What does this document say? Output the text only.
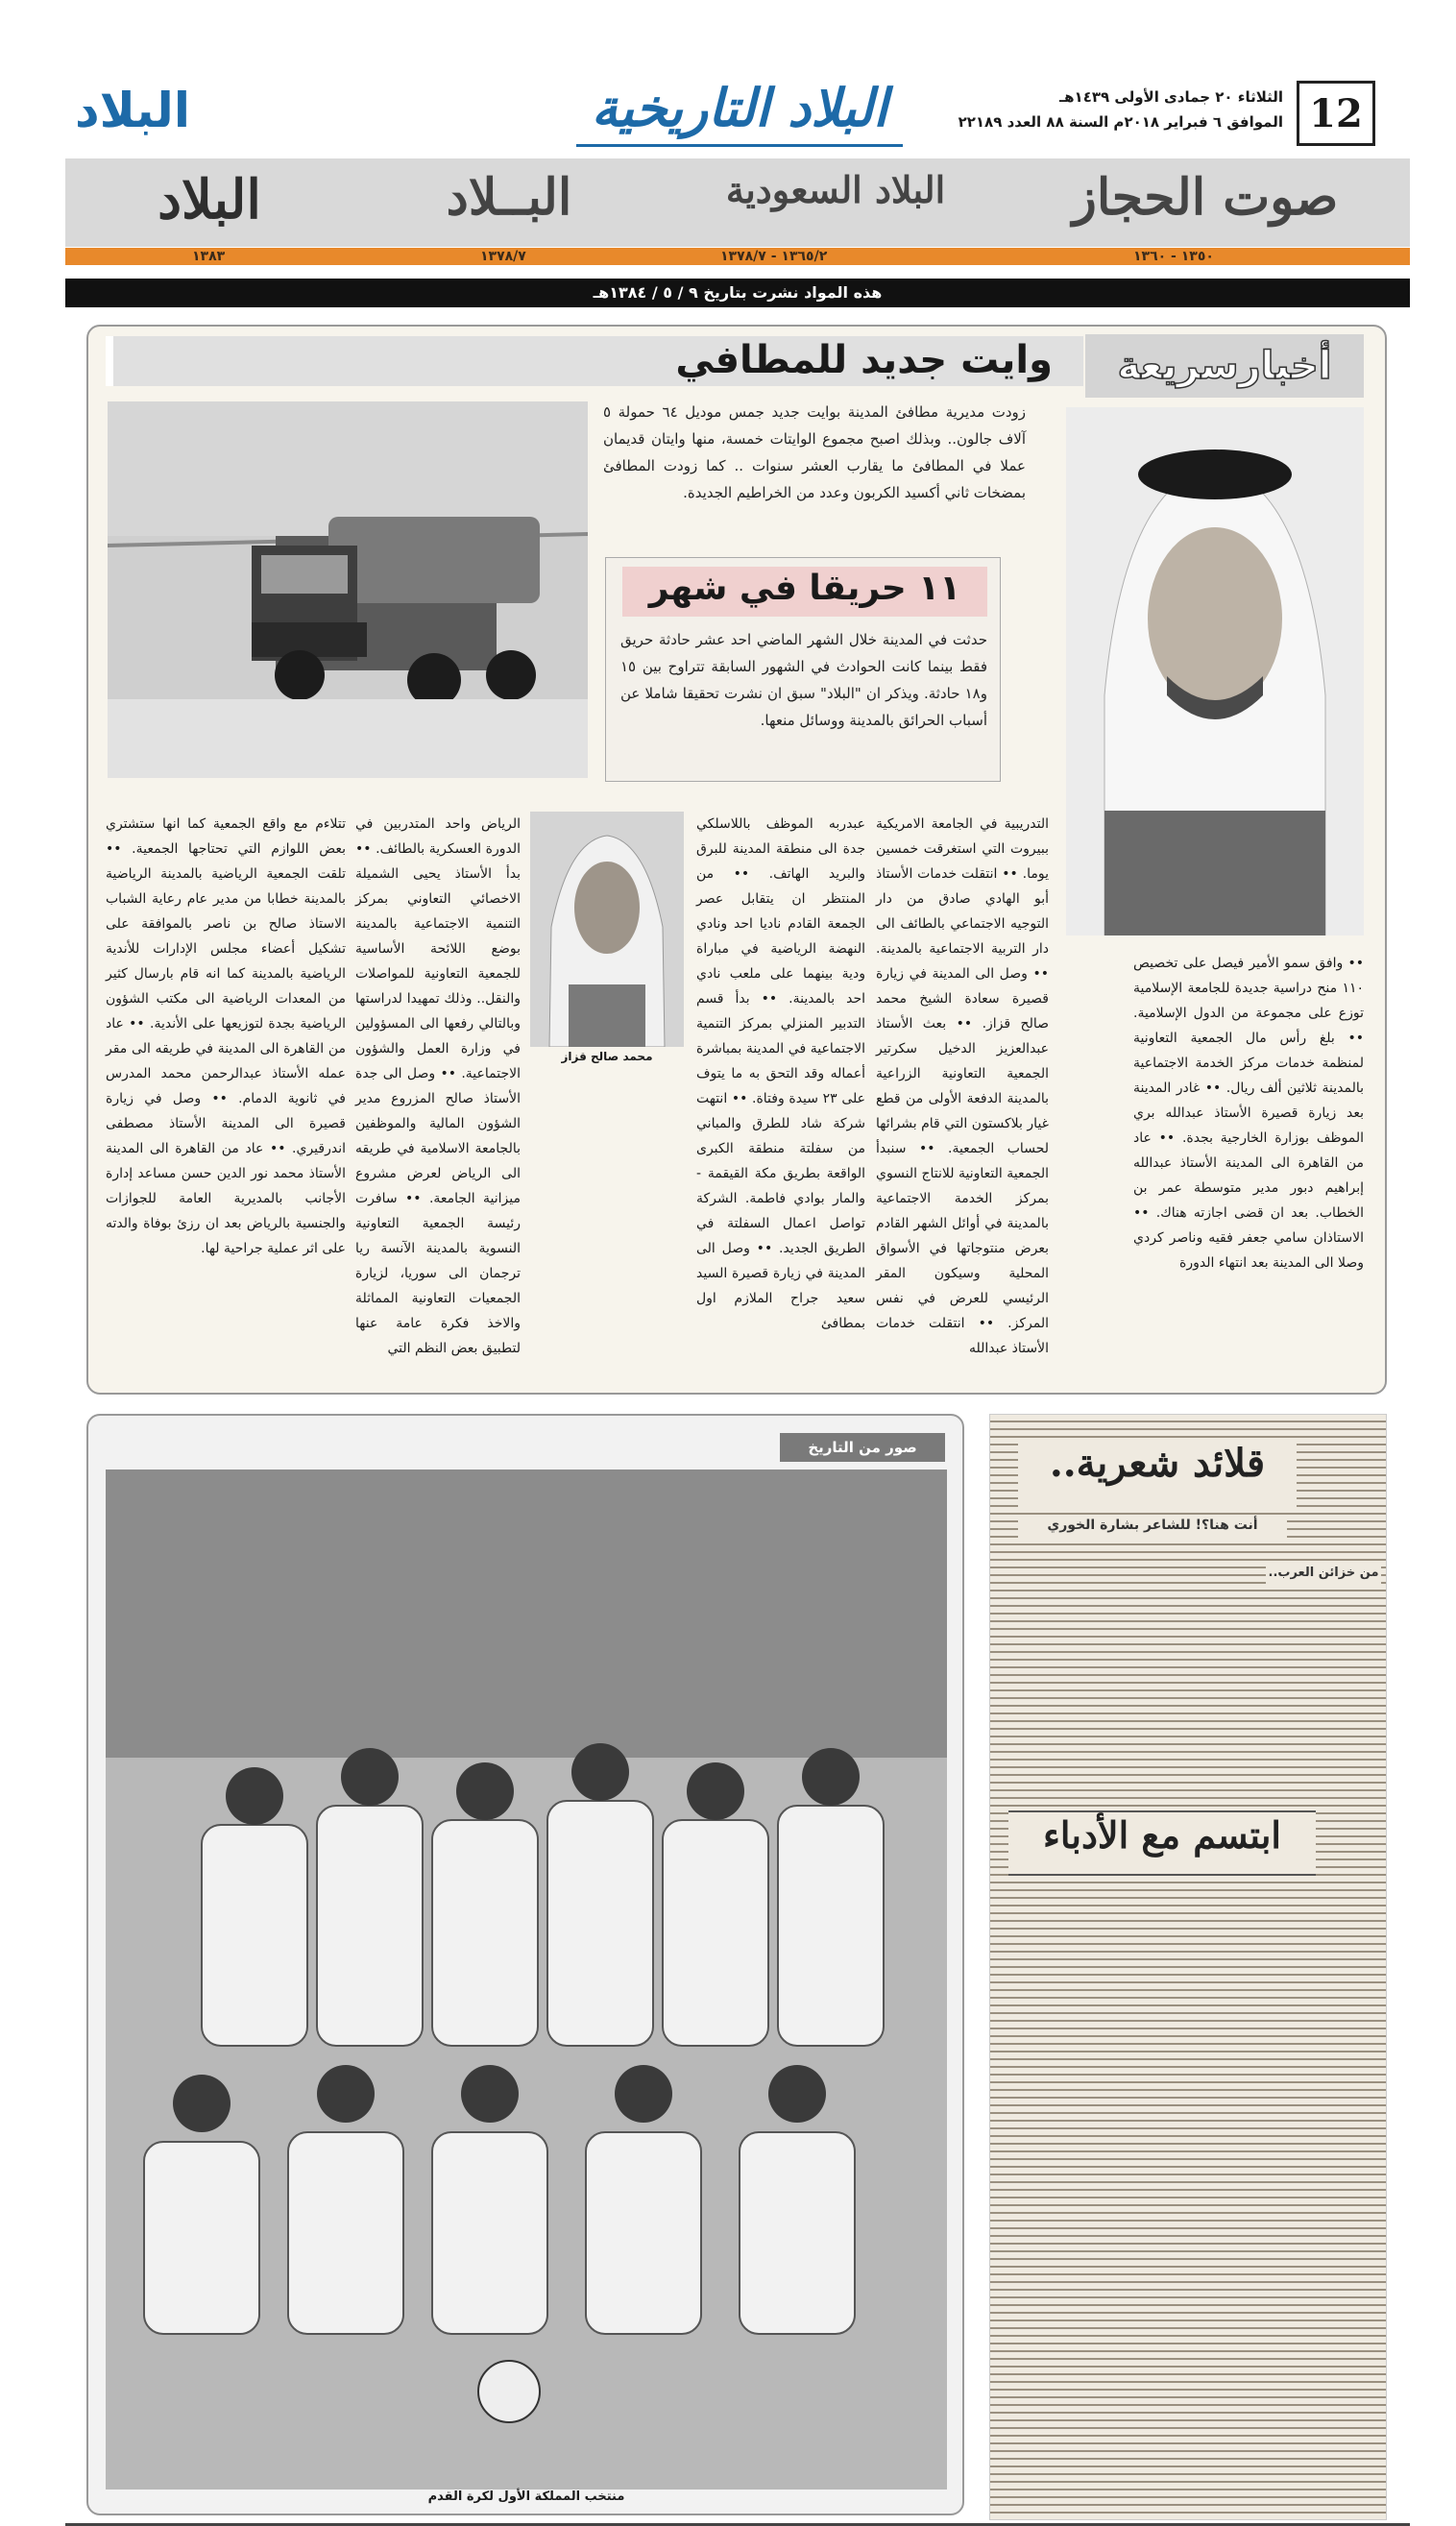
12
الثلاثاء ٢٠ جمادى الأولى ١٤٣٩هـ
الموافق ٦ فبراير ٢٠١٨م السنة ٨٨ العدد ٢٢١٨٩
البلاد التاريخية
البلاد
صوت الحجاز
البلاد السعودية
البــلاد
البلاد
١٣٥٠ - ١٣٦٠
١٣٦٥/٢ - ١٣٧٨/٧
١٣٧٨/٧
١٣٨٣
هذه المواد نشرت بتاريخ ٩ / ٥ / ١٣٨٤هـ
وايت جديد للمطافي	أخبارسريعة
زودت مديرية مطافئ المدينة بوايت جديد جمس موديل ٦٤ حمولة ٥ آلاف جالون.. وبذلك اصبح مجموع الوايتات خمسة، منها وايتان قديمان عملا في المطافئ ما يقارب العشر سنوات .. كما زودت المطافئ بمضخات ثاني أكسيد الكربون وعدد من الخراطيم الجديدة.
١١ حريقا في شهر
حدثت في المدينة خلال الشهر الماضي احد عشر حادثة حريق فقط بينما كانت الحوادث في الشهور السابقة تتراوح بين ١٥ و١٨ حادثة. ويذكر ان "البلاد" سبق ان نشرت تحقيقا شاملا عن أسباب الحرائق بالمدينة ووسائل منعها.
•• وافق سمو الأمير فيصل على تخصيص ١١٠ منح دراسية جديدة للجامعة الإسلامية توزع على مجموعة من الدول الإسلامية. •• بلغ رأس مال الجمعية التعاونية لمنظمة خدمات مركز الخدمة الاجتماعية بالمدينة ثلاثين ألف ريال. •• غادر المدينة بعد زيارة قصيرة الأستاذ عبدالله بري الموظف بوزارة الخارجية بجدة. •• عاد من القاهرة الى المدينة الأستاذ عبدالله إبراهيم دبور مدير متوسطة عمر بن الخطاب. بعد ان قضى اجازته هناك. •• الاستاذان سامي جعفر فقيه وناصر كردي وصلا الى المدينة بعد انتهاء الدورة
التدريبية في الجامعة الامريكية ببيروت التي استغرقت خمسين يوما. •• انتقلت خدمات الأستاذ أبو الهادي صادق من دار التوجيه الاجتماعي بالطائف الى دار التربية الاجتماعية بالمدينة. •• وصل الى المدينة في زيارة قصيرة سعادة الشيخ محمد صالح قزاز. •• بعث الأستاذ عبدالعزيز الدخيل سكرتير الجمعية التعاونية الزراعية بالمدينة الدفعة الأولى من قطع غيار بلاكستون التي قام بشرائها لحساب الجمعية. •• سنبدأ الجمعية التعاونية للانتاج النسوي بمركز الخدمة الاجتماعية بالمدينة في أوائل الشهر القادم بعرض منتوجاتها في الأسواق المحلية وسيكون المقر الرئيسي للعرض في نفس المركز. •• انتقلت خدمات الأستاذ عبدالله
عبدربه الموظف باللاسلكي جدة الى منطقة المدينة للبرق والبريد الهاتف. •• من المنتظر ان يتقابل عصر الجمعة القادم ناديا احد ونادي النهضة الرياضية في مباراة ودية بينهما على ملعب نادي احد بالمدينة. •• بدأ قسم التدبير المنزلي بمركز التنمية الاجتماعية في المدينة بمباشرة أعماله وقد التحق به ما يتوف على ٢٣ سيدة وفتاة. •• انتهت شركة شاد للطرق والمباني من سفلتة منطقة الكبرى الواقعة بطريق مكة القيقمة - والمار بوادي فاطمة. الشركة تواصل اعمال السفلتة في الطريق الجديد. •• وصل الى المدينة في زيارة قصيرة السيد سعيد جراح الملازم اول بمطافئ
الرياض واحد المتدربين في الدورة العسكرية بالطائف. •• بدأ الأستاذ يحيى الشميلة الاخصائي التعاوني بمركز التنمية الاجتماعية بالمدينة بوضع اللائحة الأساسية للجمعية التعاونية للمواصلات والنقل.. وذلك تمهيدا لدراستها وبالتالي رفعها الى المسؤولين في وزارة العمل والشؤون الاجتماعية. •• وصل الى جدة الأستاذ صالح المزروع مدير الشؤون المالية والموظفين بالجامعة الاسلامية في طريقه الى الرياض لعرض مشروع ميزانية الجامعة. •• سافرت رئيسة الجمعية التعاونية النسوية بالمدينة الآنسة ريا ترجمان الى سوريا، لزيارة الجمعيات التعاونية المماثلة والاخذ فكرة عامة عنها لتطبيق بعض النظم التي
تتلاءم مع واقع الجمعية كما انها ستشتري بعض اللوازم التي تحتاجها الجمعية. •• تلقت الجمعية الرياضية بالمدينة الرياضية بالمدينة خطابا من مدير عام رعاية الشباب الاستاذ صالح بن ناصر بالموافقة على تشكيل أعضاء مجلس الإدارات للأندية الرياضية بالمدينة كما انه قام بارسال كثير من المعدات الرياضية الى مكتب الشؤون الرياضية بجدة لتوزيعها على الأندية. •• عاد من القاهرة الى المدينة في طريقه الى مقر عمله الأستاذ عبدالرحمن محمد المدرس في ثانوية الدمام. •• وصل في زيارة قصيرة الى المدينة الأستاذ مصطفى اندرقيري. •• عاد من القاهرة الى المدينة الأستاذ محمد نور الدين حسن مساعد إدارة الأجانب بالمديرية العامة للجوازات والجنسية بالرياض بعد ان رزئ بوفاة والدته على اثر عملية جراحية لها.
محمد صالح قزاز
صور من التاريخ
منتخب المملكة الأول لكرة القدم
قلائد شعرية..
أنت هنا؟! للشاعر بشارة الخوري
من خزائن العرب..
ابتسم مع الأدباء
